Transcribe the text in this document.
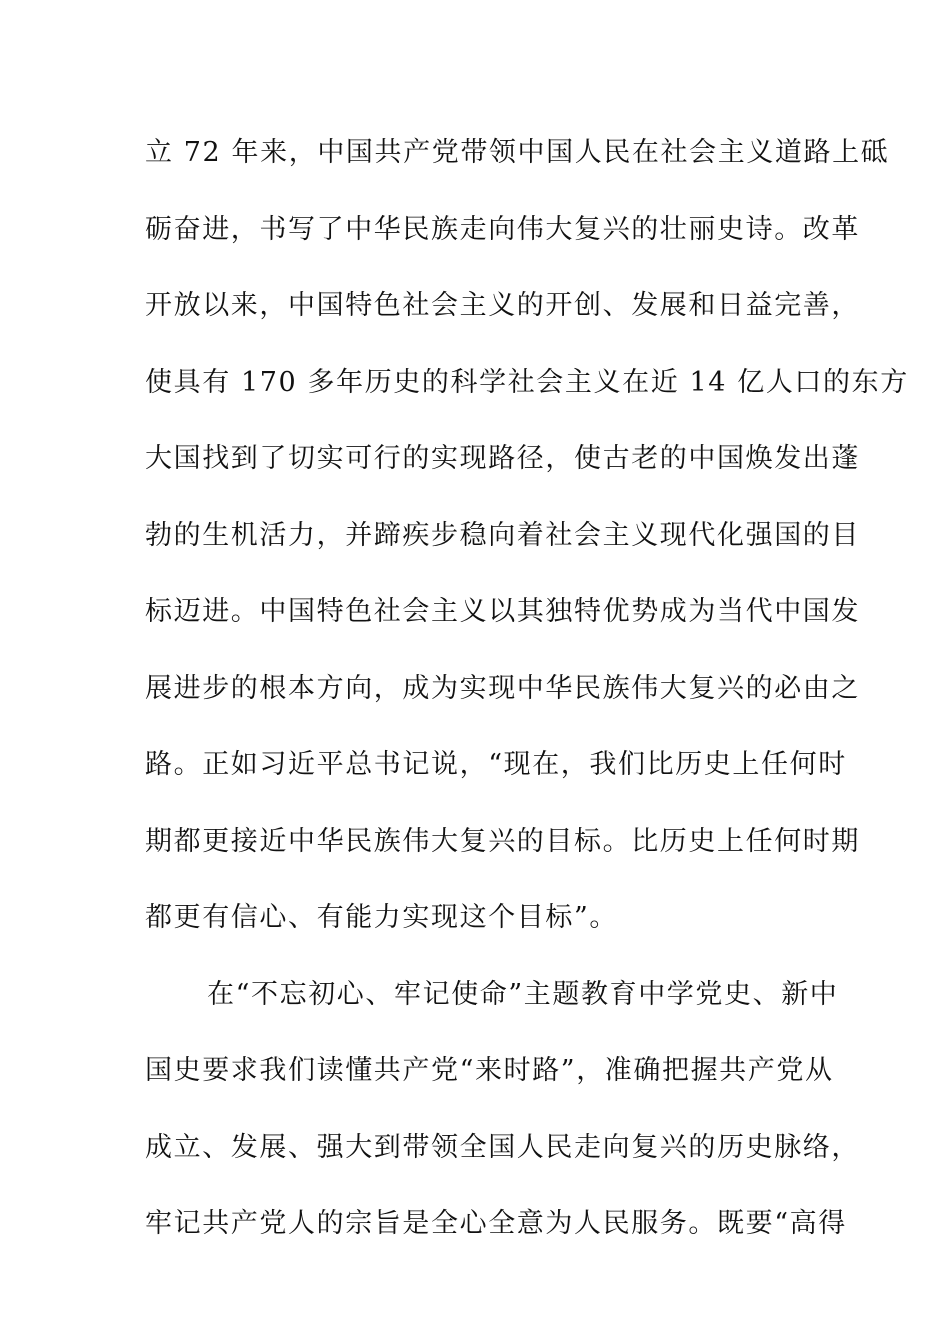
立 72 年来，中国共产党带领中国人民在社会主义道路上砥
砺奋进，书写了中华民族走向伟大复兴的壮丽史诗。改革
开放以来，中国特色社会主义的开创、发展和日益完善，
使具有 170 多年历史的科学社会主义在近 14 亿人口的东方
大国找到了切实可行的实现路径，使古老的中国焕发出蓬
勃的生机活力，并蹄疾步稳向着社会主义现代化强国的目
标迈进。中国特色社会主义以其独特优势成为当代中国发
展进步的根本方向，成为实现中华民族伟大复兴的必由之
路。正如习近平总书记说，“现在，我们比历史上任何时
期都更接近中华民族伟大复兴的目标。比历史上任何时期
都更有信心、有能力实现这个目标”。
在“不忘初心、牢记使命”主题教育中学党史、新中
国史要求我们读懂共产党“来时路”，准确把握共产党从
成立、发展、强大到带领全国人民走向复兴的历史脉络，
牢记共产党人的宗旨是全心全意为人民服务。既要“高得
